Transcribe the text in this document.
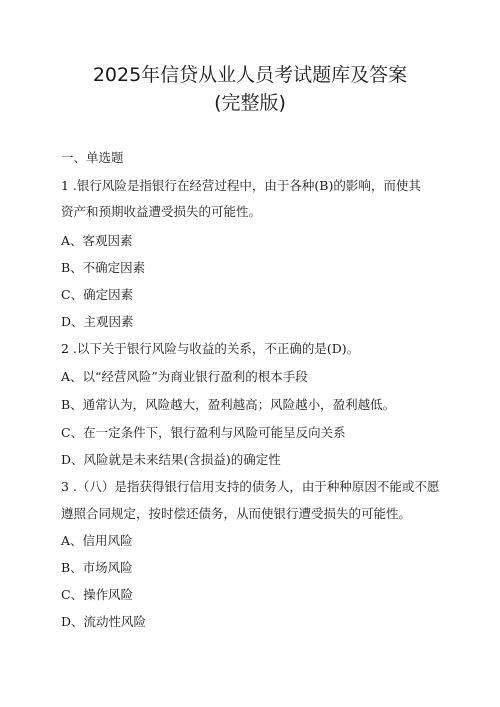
2025年信贷从业人员考试题库及答案
(完整版)
一、单选题
1 .银行风险是指银行在经营过程中，由于各种(B)的影响，而使其
资产和预期收益遭受损失的可能性。
A、客观因素
B、不确定因素
C、确定因素
D、主观因素
2 .以下关于银行风险与收益的关系，不正确的是(D)。
A、以“经营风险”为商业银行盈利的根本手段
B、通常认为，风险越大，盈利越高；风险越小，盈利越低。
C、在一定条件下，银行盈利与风险可能呈反向关系
D、风险就是未来结果(含损益)的确定性
3 .（八）是指获得银行信用支持的债务人，由于种种原因不能或不愿
遵照合同规定，按时偿还债务，从而使银行遭受损失的可能性。
A、信用风险
B、市场风险
C、操作风险
D、流动性风险
